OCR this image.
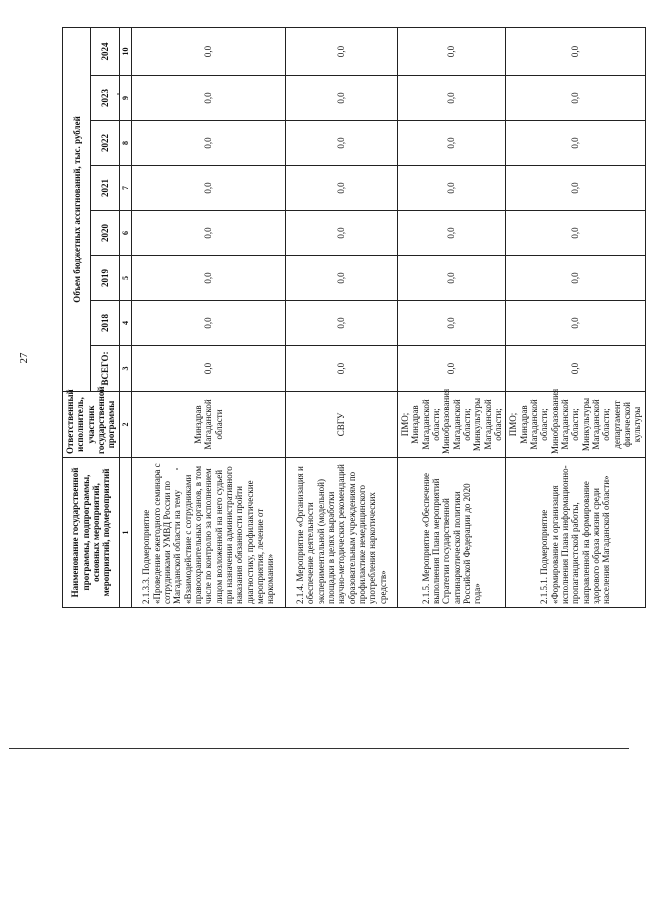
27
Наименование государственной программы, подпрограммы, основных мероприятий, мероприятий, подмероприятий	Ответственный исполнитель, участник государственной программы	Объем бюджетных ассигнований, тыс. рублей							
		ВСЕГО:	2018	2019	2020	2021	2022	2023	2024
1	2	3	4	5	6	7	8	9	10
2.1.3.3. Подмероприятие «Проведение ежегодного семинара с сотрудниками УМВД России по Магаданской области на тему «Взаимодействие с сотрудниками правоохранительных органов, в том числе по контролю за исполнением лицом возложенной на него судьей при назначении административного наказания обязанности пройти диагностику, профилактические мероприятия, лечение от наркомании»	Минздрав Магаданской области	0,0	0,0	0,0	0,0	0,0	0,0	0,0	0,0
2.1.4. Мероприятие «Организация и обеспечение деятельности экспериментальной (модельной) площадки в целях выработки научно-методических рекомендаций образовательным учреждениям по профилактике немедицинского употребления наркотических средств»	СВГУ	0,0	0,0	0,0	0,0	0,0	0,0	0,0	0,0
2.1.5. Мероприятие «Обеспечение выполнения Плана мероприятий Стратегии государственной антинаркотической политики Российской Федерации до 2020 года»	ПМО; Минздрав Магаданской области; Минобразования Магаданской области; Минкультуры Магаданской области;	0,0	0,0	0,0	0,0	0,0	0,0	0,0	0,0
2.1.5.1. Подмероприятие «Формирование и организация исполнения Плана информационно-пропагандистской работы, направленной на формирование здорового образа жизни среди населения Магаданской области»	ПМО; Минздрав Магаданской области; Минобразования Магаданской области; Минкультуры Магаданской области; департамент физической культуры	0,0	0,0	0,0	0,0	0,0	0,0	0,0	0,0
